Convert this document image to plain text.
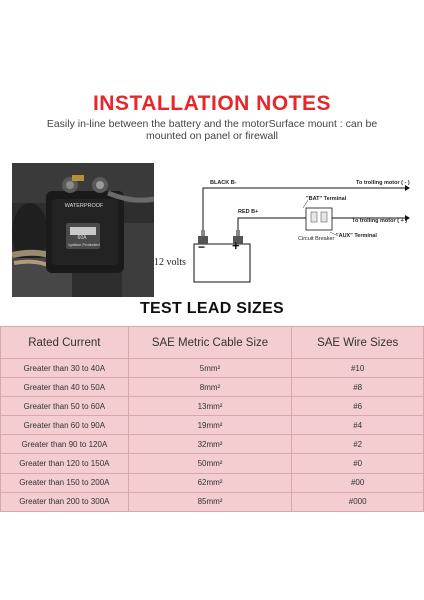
INSTALLATION NOTES
Easily in-line between the battery and the motorSurface mount : can be mounted on panel or firewall
WATERPROOF
60A
Ignition Protected
BLACK B-	To trolling motor ( - )
RED B+
"BAT" Terminal
To trolling motor ( + )
Circuit Breaker "AUX" Terminal
− +
12 volts
TEST LEAD SIZES
Rated Current	SAE Metric Cable Size	SAE Wire Sizes
Greater than 30 to 40A	5mm²	#10
Greater than 40 to 50A	8mm²	#8
Greater than 50 to 60A	13mm²	#6
Greater than 60 to 90A	19mm²	#4
Greater than 90 to 120A	32mm²	#2
Greater than 120 to 150A	50mm²	#0
Greater than 150 to 200A	62mm²	#00
Greater than 200 to 300A	85mm²	#000
